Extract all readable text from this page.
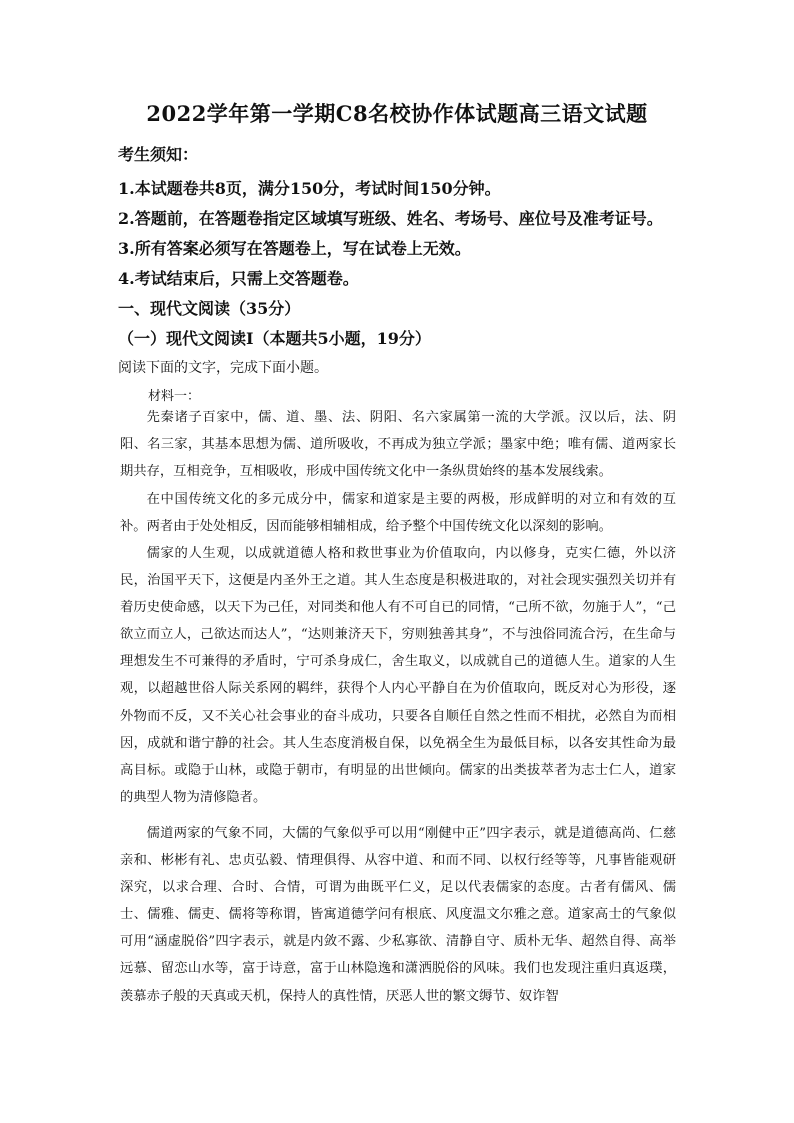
2022学年第一学期C8名校协作体试题高三语文试题
考生须知：
1.本试题卷共8页，满分150分，考试时间150分钟。
2.答题前，在答题卷指定区域填写班级、姓名、考场号、座位号及准考证号。
3.所有答案必须写在答题卷上，写在试卷上无效。
4.考试结束后，只需上交答题卷。
一、现代文阅读（35分）
（一）现代文阅读Ⅰ（本题共5小题，19分）
阅读下面的文字，完成下面小题。
材料一：

先秦诸子百家中，儒、道、墨、法、阴阳、名六家属第一流的大学派。汉以后，法、阴阳、名三家，其基本思想为儒、道所吸收，不再成为独立学派；墨家中绝；唯有儒、道两家长期共存，互相竞争，互相吸收，形成中国传统文化中一条纵贯始终的基本发展线索。

在中国传统文化的多元成分中，儒家和道家是主要的两极，形成鲜明的对立和有效的互补。两者由于处处相反，因而能够相辅相成，给予整个中国传统文化以深刻的影响。

儒家的人生观，以成就道德人格和救世事业为价值取向，内以修身，克实仁德，外以济民，治国平天下，这便是内圣外王之道。其人生态度是积极进取的，对社会现实强烈关切并有着历史使命感，以天下为己任，对同类和他人有不可自已的同情，“己所不欲，勿施于人”，“己欲立而立人，己欲达而达人”，“达则兼济天下，穷则独善其身”，不与浊俗同流合污，在生命与理想发生不可兼得的矛盾时，宁可杀身成仁，舍生取义，以成就自己的道德人生。道家的人生观，以超越世俗人际关系网的羁绊，获得个人内心平静自在为价值取向，既反对心为形役，逐外物而不反，又不关心社会事业的奋斗成功，只要各自顺任自然之性而不相扰，必然自为而相因，成就和谐宁静的社会。其人生态度消极自保，以免祸全生为最低目标，以各安其性命为最高目标。或隐于山林，或隐于朝市，有明显的出世倾向。儒家的出类拔萃者为志士仁人，道家的典型人物为清修隐者。

儒道两家的气象不同，大儒的气象似乎可以用“刚健中正”四字表示，就是道德高尚、仁慈亲和、彬彬有礼、忠贞弘毅、情理俱得、从容中道、和而不同、以权行经等等，凡事皆能观研深究，以求合理、合时、合情，可谓为曲既平仁义，足以代表儒家的态度。古者有儒风、儒士、儒雅、儒吏、儒将等称谓，皆寓道德学问有根底、风度温文尔雅之意。道家高士的气象似可用“涵虚脱俗”四字表示，就是内敛不露、少私寡欲、清静自守、质朴无华、超然自得、高举远慕、留恋山水等，富于诗意，富于山林隐逸和潇洒脱俗的风味。我们也发现注重归真返璞，羡慕赤子般的天真或天机，保持人的真性情，厌恶人世的繁文缛节、奴诈智
